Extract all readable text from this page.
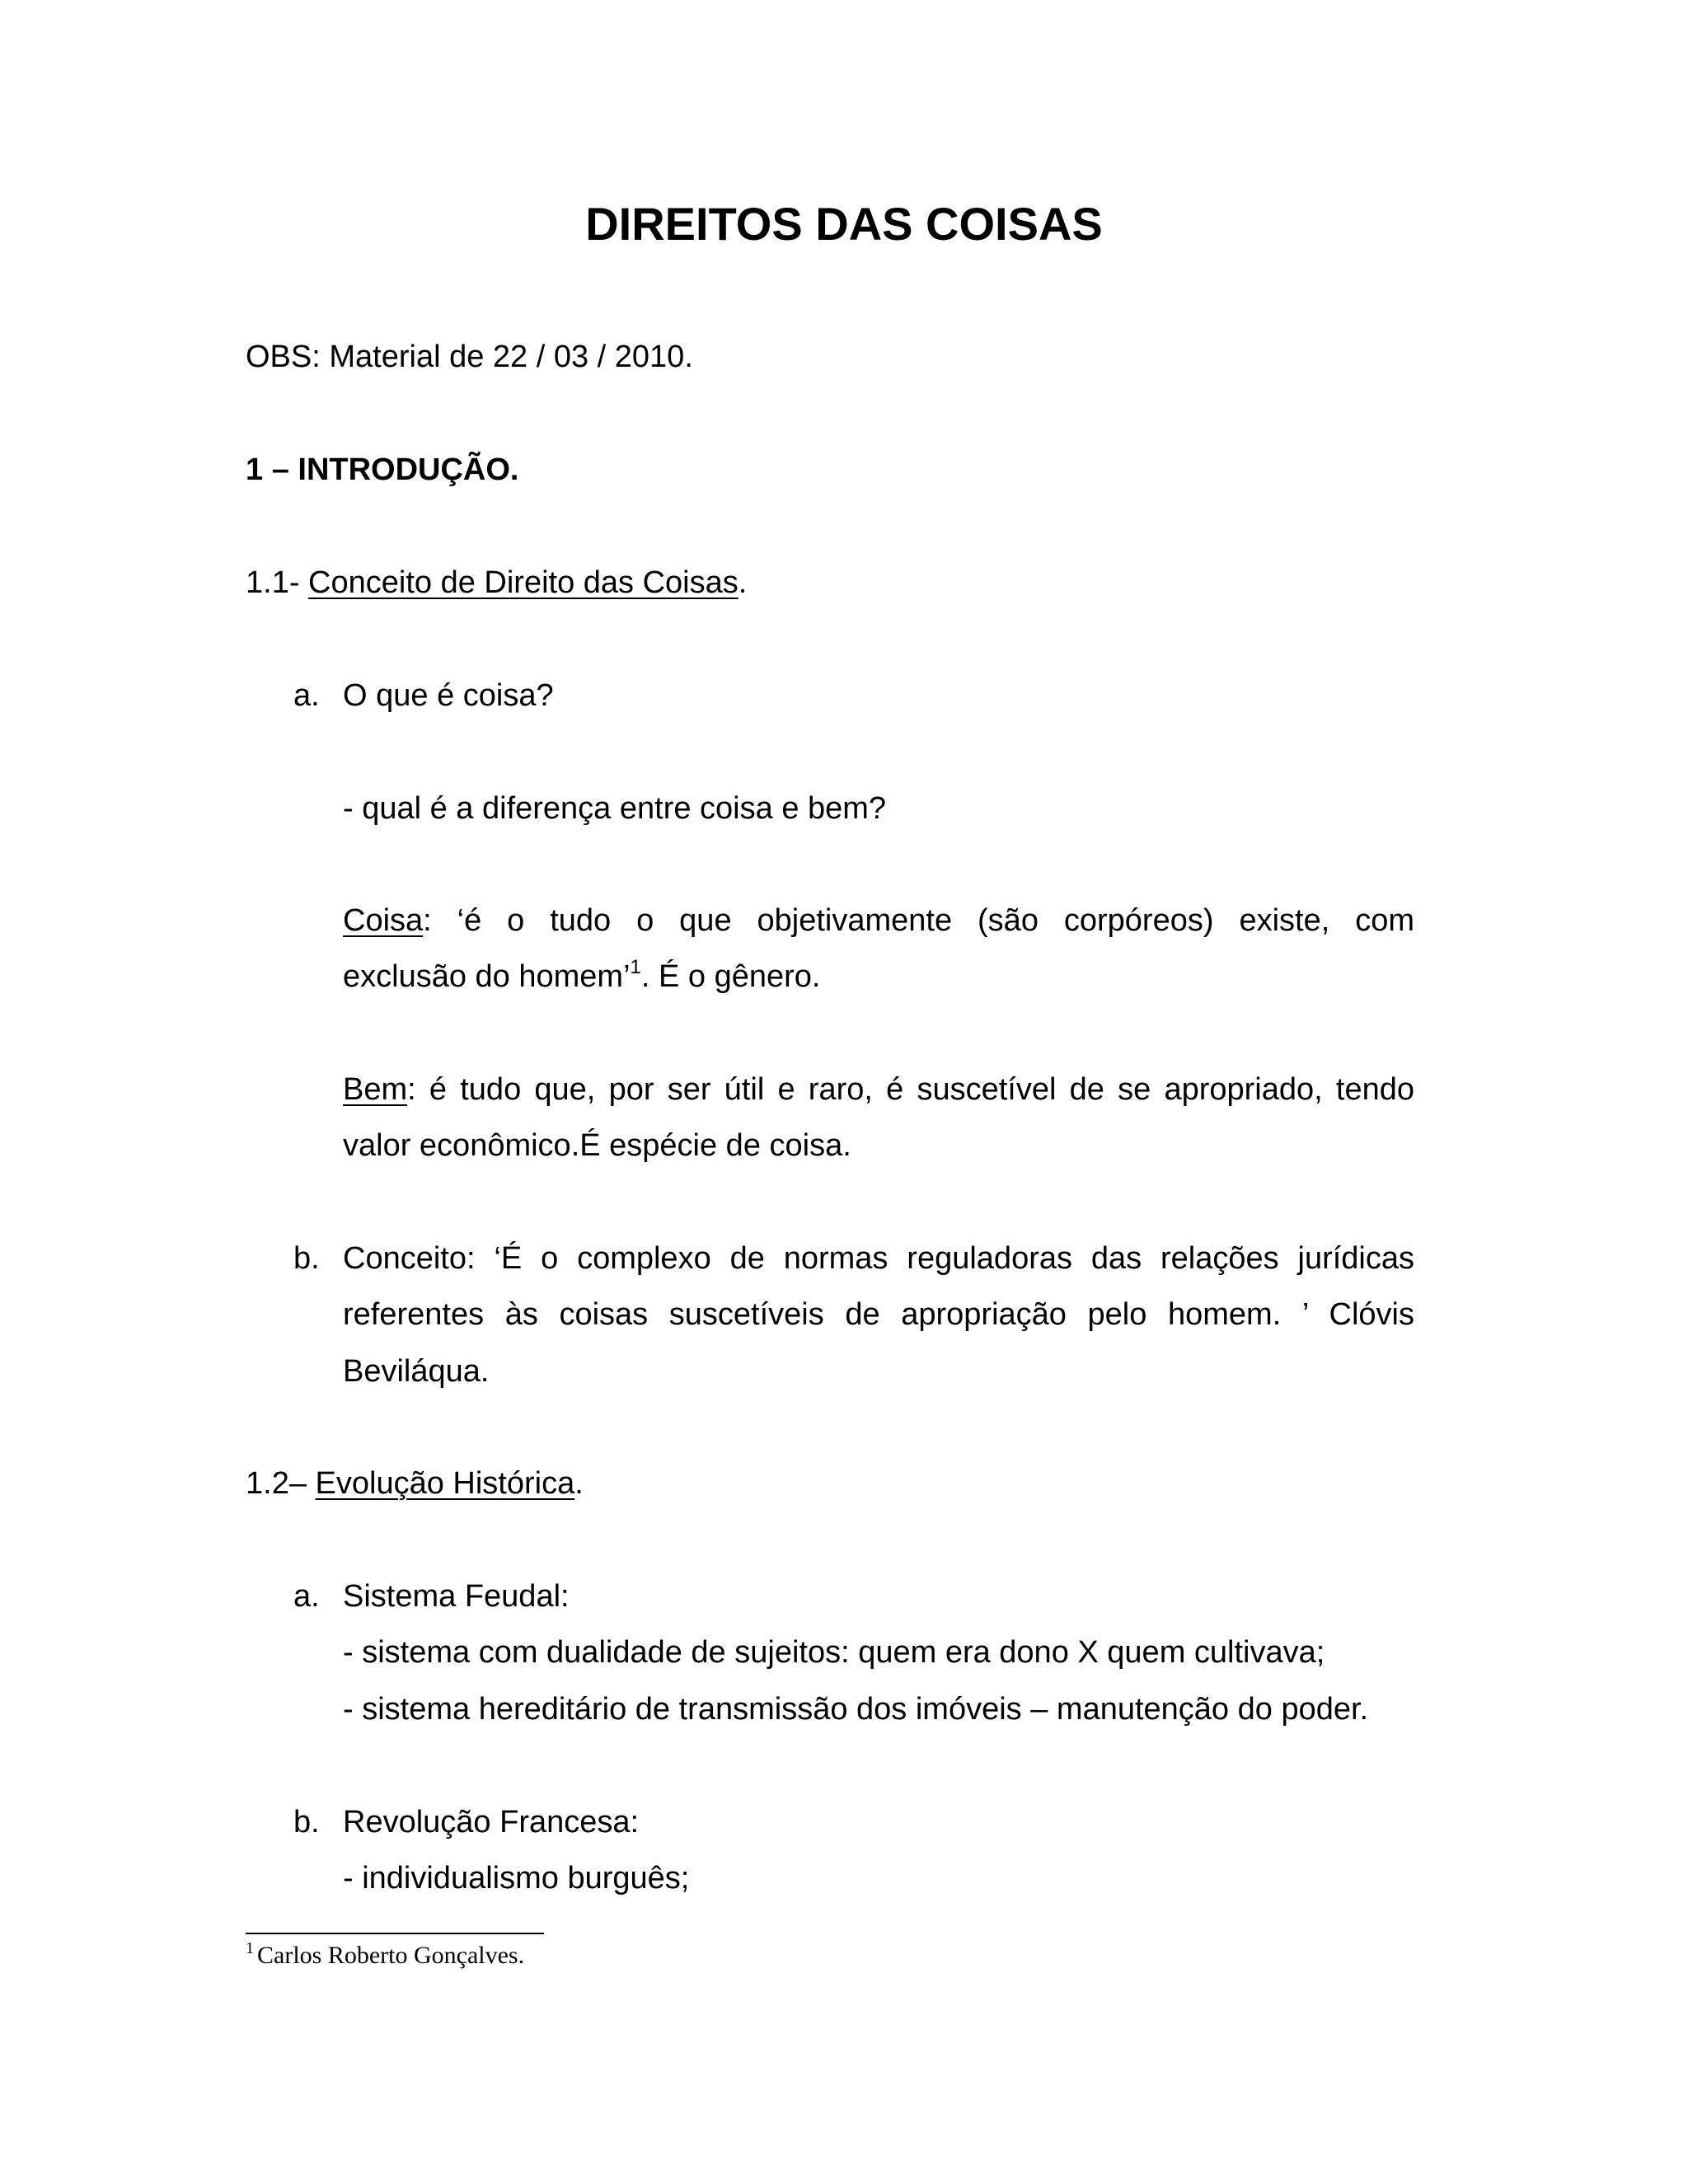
DIREITOS DAS COISAS
OBS: Material de 22 / 03 / 2010.
1 – INTRODUÇÃO.
1.1- Conceito de Direito das Coisas.
a. O que é coisa?
- qual é a diferença entre coisa e bem?
Coisa: ‘é o tudo o que objetivamente (são corpóreos) existe, com
exclusão do homem’$^1$. É o gênero.
Bem: é tudo que, por ser útil e raro, é suscetível de se apropriado, tendo
valor econômico.É espécie de coisa.
b. Conceito: ‘É o complexo de normas reguladoras das relações jurídicas
referentes às coisas suscetíveis de apropriação pelo homem. ’ Clóvis
Beviláqua.
1.2– Evolução Histórica.
a. Sistema Feudal:
- sistema com dualidade de sujeitos: quem era dono X quem cultivava;
- sistema hereditário de transmissão dos imóveis – manutenção do poder.
b. Revolução Francesa:
- individualismo burguês;
$^1$ Carlos Roberto Gonçalves.
